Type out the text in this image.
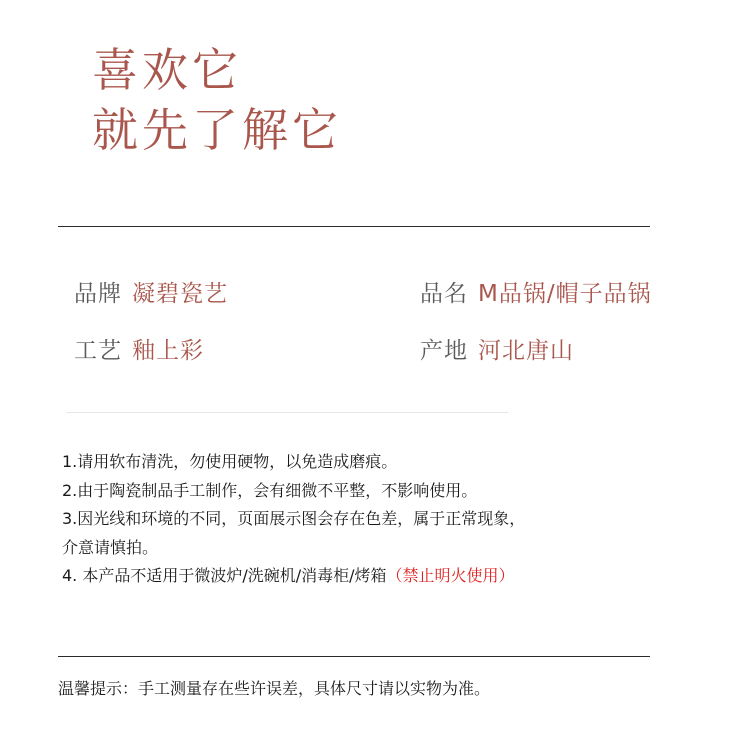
喜欢它
就先了解它
品牌 凝碧瓷艺	品名 M品锅/帽子品锅
工艺 釉上彩	产地 河北唐山
1.请用软布清洗，勿使用硬物，以免造成磨痕。
2.由于陶瓷制品手工制作，会有细微不平整，不影响使用。
3.因光线和环境的不同，页面展示图会存在色差，属于正常现象，
介意请慎拍。
4. 本产品不适用于微波炉/洗碗机/消毒柜/烤箱（禁止明火使用）
温馨提示：手工测量存在些许误差，具体尺寸请以实物为准。
